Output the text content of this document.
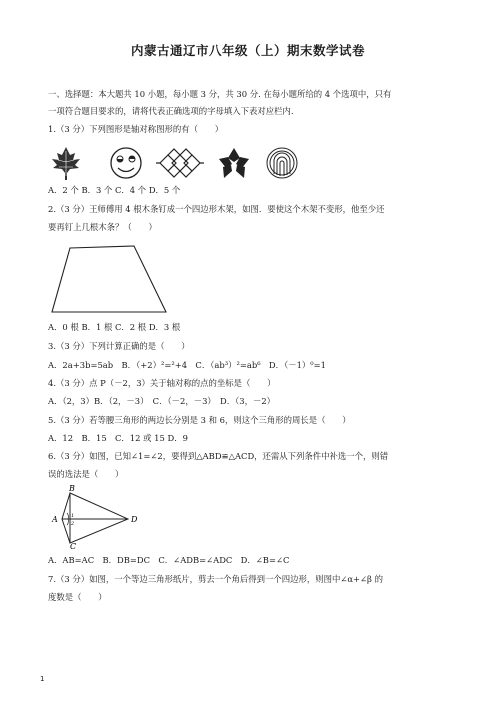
内蒙古通辽市八年级（上）期末数学试卷
一、选择题：本大题共 10 小题，每小题 3 分，共 30 分. 在每小题所给的 4 个选项中，只有
一项符合题目要求的，请将代表正确选项的字母填入下表对应栏内.
1.（3 分）下列图形是轴对称图形的有（　　）
A．2 个 B．3 个 C．4 个 D．5 个
2.（3 分）王师傅用 4 根木条钉成一个四边形木架，如图．要使这个木架不变形，他至少还
要再钉上几根木条？（　　）
A．0 根 B．1 根 C．2 根 D．3 根
3.（3 分）下列计算正确的是（　　）
A．2a+3b=5ab　B．（+2）²=²+4　C．（ab³）²=ab⁶　D．（－1）⁰=1
4.（3 分）点 P（－2，3）关于轴对称的点的坐标是（　　）
A．（2，3）B．（2，－3）　C．（－2，－3）　D．（3，－2）
5.（3 分）若等腰三角形的两边长分别是 3 和 6，则这个三角形的周长是（　　）
A．12　B．15　C．12 或 15 D．9
6.（3 分）如图，已知∠1=∠2，要得到△ABD≌△ACD，还需从下列条件中补选一个，则错
误的选法是（　　）
B
A
C
D
1
2
A．AB=AC　B．DB=DC　C．∠ADB=∠ADC　D．∠B=∠C
7.（3 分）如图，一个等边三角形纸片，剪去一个角后得到一个四边形，则图中∠α+∠β 的
度数是（　　）
1
